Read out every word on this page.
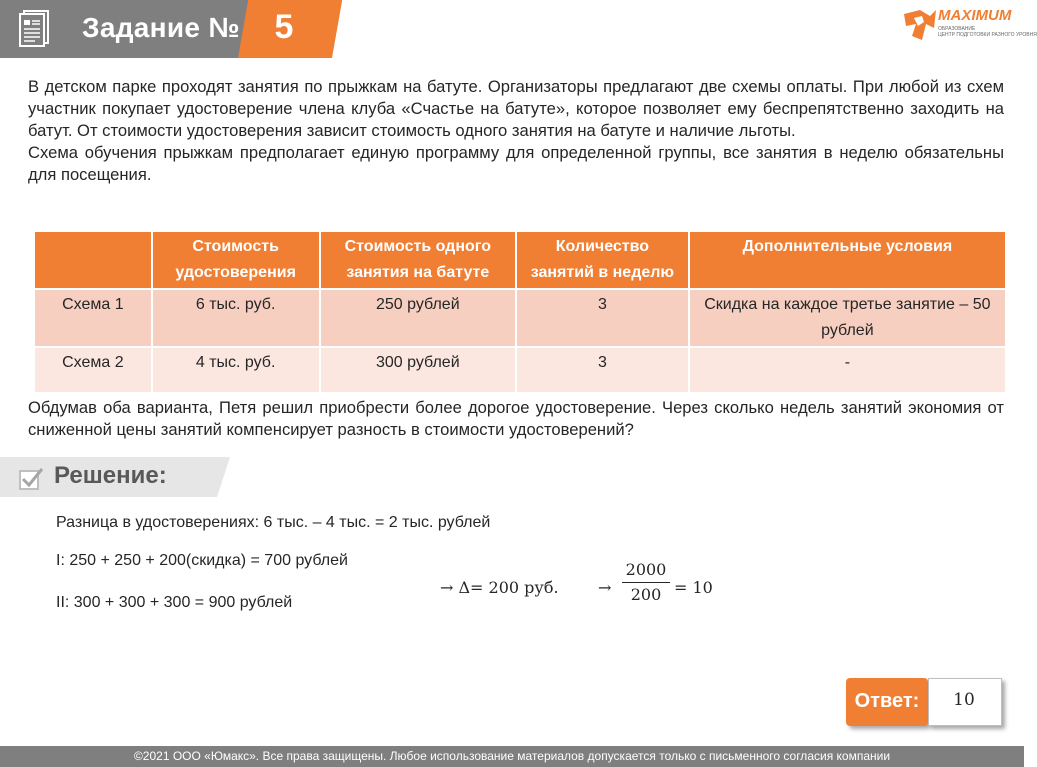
Задание №	5	MAXIMUM
ОБРАЗОВАНИЕ
ЦЕНТР ПОДГОТОВКИ РАЗНОГО УРОВНЯ

В детском парке проходят занятия по прыжкам на батуте. Организаторы предлагают две схемы оплаты. При любой из схем участник покупает удостоверение члена клуба «Счастье на батуте», которое позволяет ему беспрепятственно заходить на батут. От стоимости удостоверения зависит стоимость одного занятия на батуте и наличие льготы.

Схема обучения прыжкам предполагает единую программу для определенной группы, все занятия в неделю обязательны для посещения.

	Стоимость удостоверения	Стоимость одного занятия на батуте	Количество занятий в неделю	Дополнительные условия
Схема 1	6 тыс. руб.	250 рублей	3	Скидка на каждое третье занятие – 50 рублей
Схема 2	4 тыс. руб.	300 рублей	3	-
Обдумав оба варианта, Петя решил приобрести более дорогое удостоверение. Через сколько недель занятий экономия от сниженной цены занятий компенсирует разность в стоимости удостоверений?
Решение:
Разница в удостоверениях: 6 тыс. – 4 тыс. = 2 тыс. рублей
I: 250 + 250 + 200(скидка) = 700 рублей
II: 300 + 300 + 300 = 900 рублей
→ Δ= 200 руб. →
2000
200 = 10
Ответ:	10
©2021 ООО «Юмакс». Все права защищены. Любое использование материалов допускается только с письменного согласия компании
